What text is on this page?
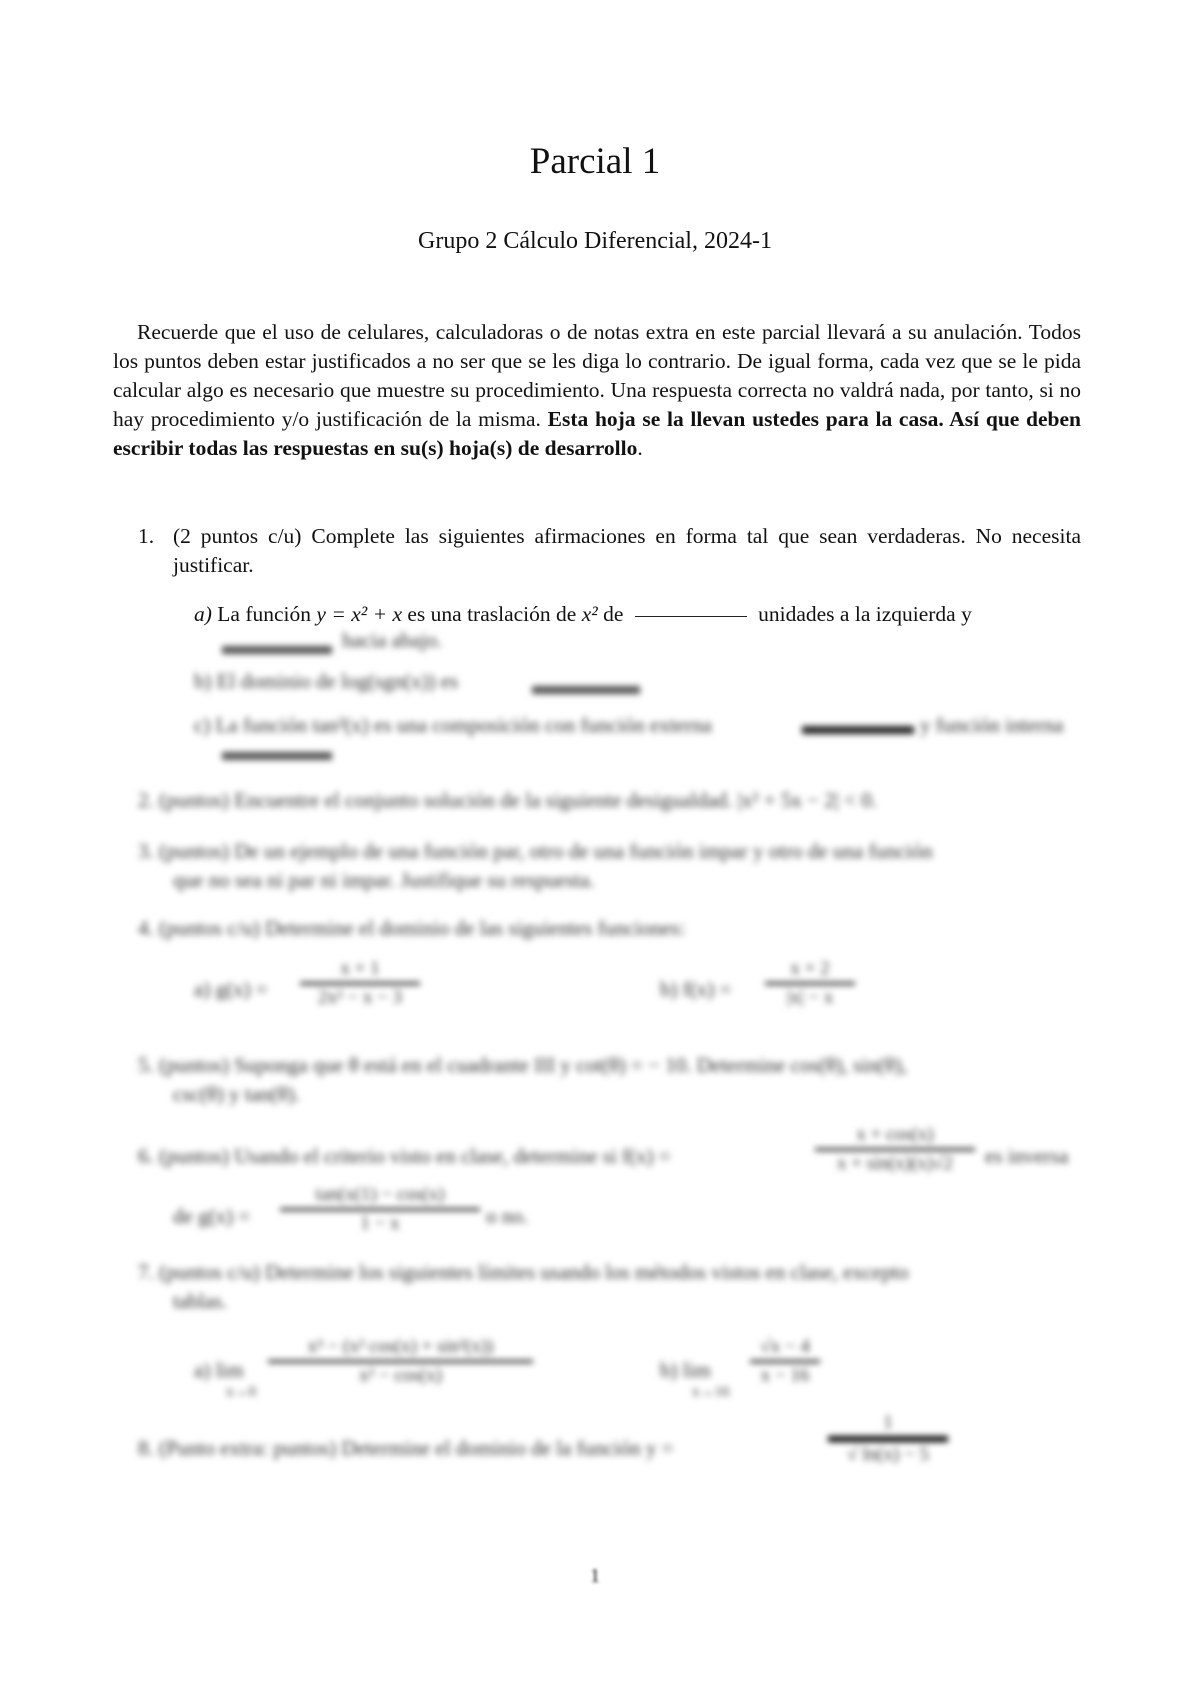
Parcial 1
Grupo 2 Cálculo Diferencial, 2024-1
Recuerde que el uso de celulares, calculadoras o de notas extra en este parcial llevará a su anulación. Todos los puntos deben estar justificados a no ser que se les diga lo contrario. De igual forma, cada vez que se le pida calcular algo es necesario que muestre su procedimiento. Una respuesta correcta no valdrá nada, por tanto, si no hay procedimiento y/o justificación de la misma. Esta hoja se la llevan ustedes para la casa. Así que deben escribir todas las respuestas en su(s) hoja(s) de desarrollo.
1. (2 puntos c/u) Complete las siguientes afirmaciones en forma tal que sean verdaderas. No necesita justificar.
a) La función y = x² + x es una traslación de x² de	unidades a la izquierda y
hacia abajo.
b) El dominio de log(sgn(x)) es
c) La función tan²(x) es una composición con función externa	y función interna
2. (puntos) Encuentre el conjunto solución de la siguiente desigualdad. |x² + 5x − 2| < 0.
3. (puntos) De un ejemplo de una función par, otro de una función impar y otro de una función
que no sea ni par ni impar. Justifique su respuesta.
4. (puntos c/u) Determine el dominio de las siguientes funciones:
a) g(x) =
x + 1
2x² − x − 3	b) f(x) =
x + 2
|x| − x
5. (puntos) Suponga que θ está en el cuadrante III y cot(θ) = − 10. Determine cos(θ), sin(θ),
csc(θ) y tan(θ).
6. (puntos) Usando el criterio visto en clase, determine si f(x) =
x + cos(x)
x + sin(x)(x)√2	es inversa
de g(x) =
tan(x(1) − cos(x)
1 − x	o no.
7. (puntos c/u) Determine los siguientes límites usando los métodos vistos en clase, excepto
tablas.
a) lim
x→0
x³ − (x² cos(x) + sin²(x))
x² − cos(x)	b) lim
x→16
√x − 4
x − 16
8. (Punto extra: puntos) Determine el dominio de la función y =
1
√ ln(x) − 5
1
